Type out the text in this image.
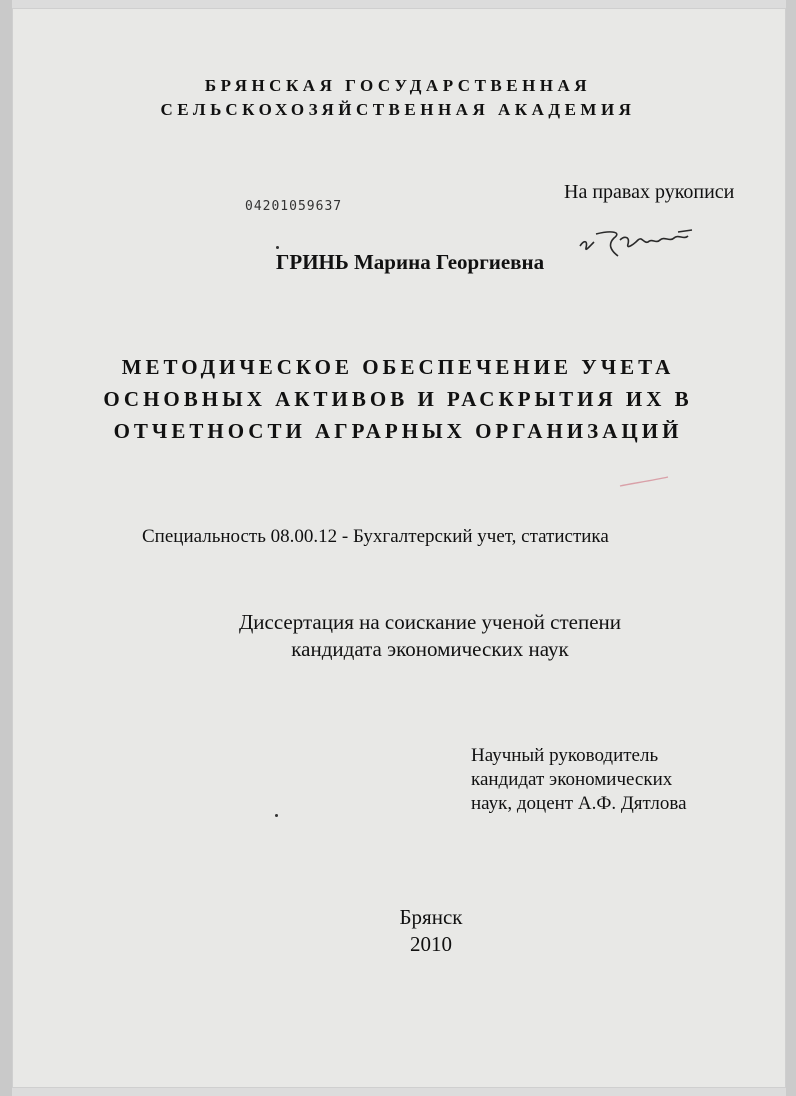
БРЯНСКАЯ ГОСУДАРСТВЕННАЯ
СЕЛЬСКОХОЗЯЙСТВЕННАЯ АКАДЕМИЯ
На правах рукописи
04201059637
ГРИНЬ Марина Георгиевна
МЕТОДИЧЕСКОЕ ОБЕСПЕЧЕНИЕ УЧЕТА
ОСНОВНЫХ АКТИВОВ И РАСКРЫТИЯ ИХ В
ОТЧЕТНОСТИ АГРАРНЫХ ОРГАНИЗАЦИЙ
Специальность 08.00.12 - Бухгалтерский учет, статистика
Диссертация на соискание ученой степени
кандидата экономических наук
Научный руководитель
кандидат экономических
наук, доцент А.Ф. Дятлова
Брянск
2010
